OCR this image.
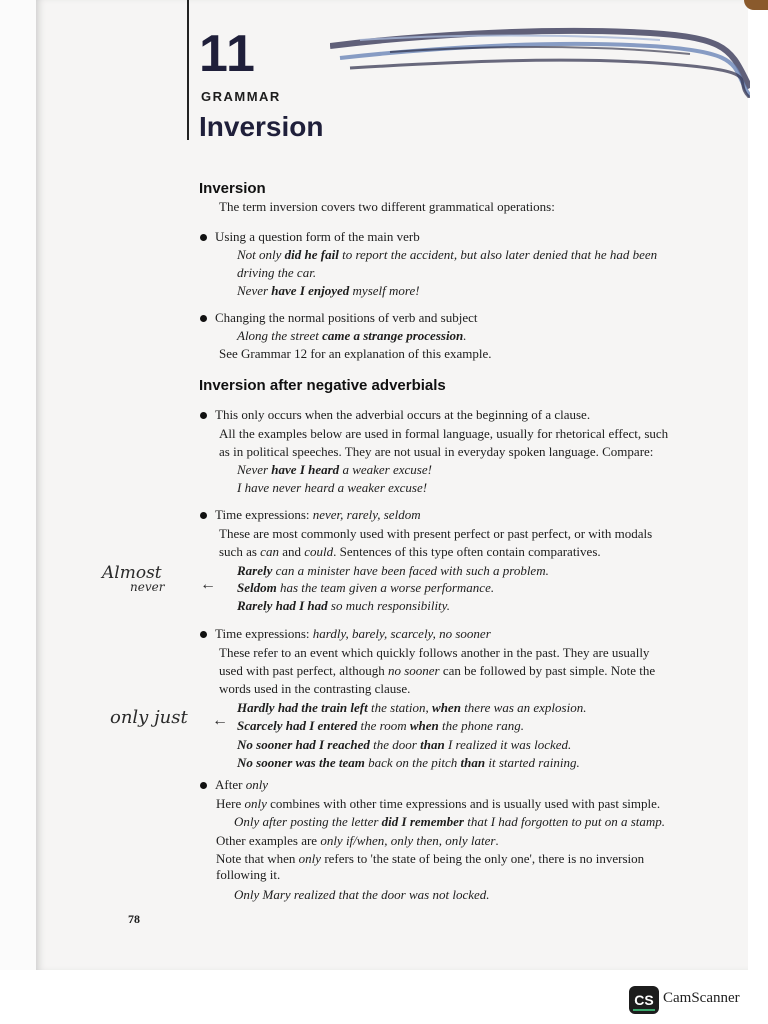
11
GRAMMAR
Inversion
Inversion
The term inversion covers two different grammatical operations:
Using a question form of the main verb
Not only did he fail to report the accident, but also later denied that he had been
driving the car.
Never have I enjoyed myself more!
Changing the normal positions of verb and subject
Along the street came a strange procession.
See Grammar 12 for an explanation of this example.
Inversion after negative adverbials
This only occurs when the adverbial occurs at the beginning of a clause.
All the examples below are used in formal language, usually for rhetorical effect, such
as in political speeches. They are not usual in everyday spoken language. Compare:
Never have I heard a weaker excuse!
I have never heard a weaker excuse!
Time expressions: never, rarely, seldom
These are most commonly used with present perfect or past perfect, or with modals
such as can and could. Sentences of this type often contain comparatives.
Rarely can a minister have been faced with such a problem.
Seldom has the team given a worse performance.
Rarely had I had so much responsibility.
Time expressions: hardly, barely, scarcely, no sooner
These refer to an event which quickly follows another in the past. They are usually
used with past perfect, although no sooner can be followed by past simple. Note the
words used in the contrasting clause.
Hardly had the train left the station, when there was an explosion.
Scarcely had I entered the room when the phone rang.
No sooner had I reached the door than I realized it was locked.
No sooner was the team back on the pitch than it started raining.
After only
Here only combines with other time expressions and is usually used with past simple.
Only after posting the letter did I remember that I had forgotten to put on a stamp.
Other examples are only if/when, only then, only later.
Note that when only refers to 'the state of being the only one', there is no inversion
following it.
Only Mary realized that the door was not locked.
Almost
never ←
only just ←
78
CS CamScanner
